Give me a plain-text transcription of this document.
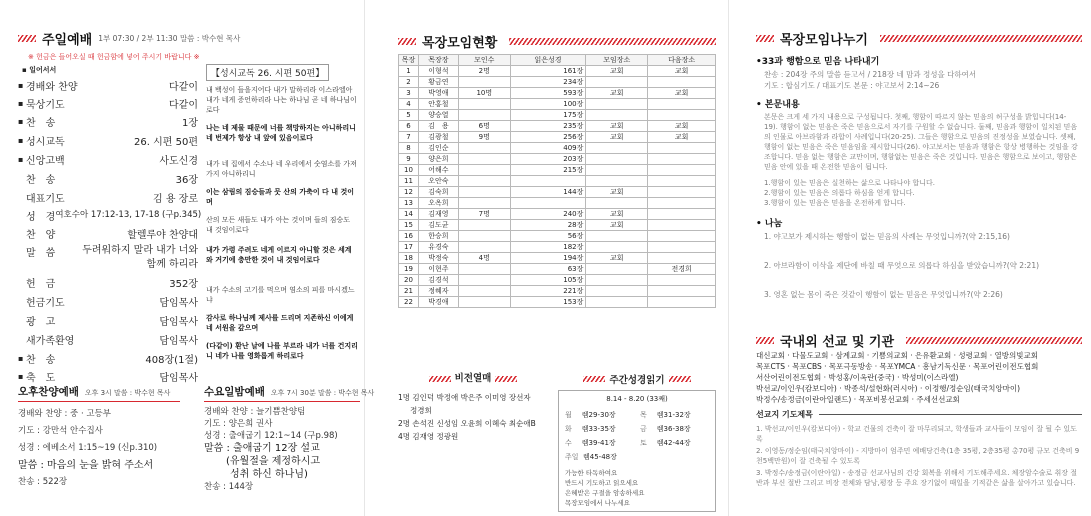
주일예배 1부 07:30 / 2부 11:30 말씀 : 박수현 목사
※ 헌금은 들어오실 때 헌금함에 넣어 주시기 바랍니다 ※
▪ 일어서서
▪ 경배와 찬양	다같이
▪ 묵상기도	다같이
▪ 찬　송	1장
▪ 성시교독	26. 시편 50편
▪ 신앙고백	사도신경
찬　송	36장
대표기도	김 용 장로
성　경 여호수아 17:12-13, 17-18 (구p.345)
찬　양	할렐루야 찬양대
말　씀	두려워하지 말라 내가 너와 함께 하리라
헌　금	352장
헌금기도	담임목사
광　고	담임목사
새가족환영	담임목사
▪ 찬　송	408장(1절)
▪ 축　도	담임목사
【성시교독 26. 시편 50편】
내 백성이 들을지어다 내가 말하리라 이스라엘아 내가 네게 증언하리라 나는 하나님 곧 네 하나님이로다
나는 네 제물 때문에 너를 책망하지는 아니하리니 네 번제가 항상 내 앞에 있음이로다
내가 네 집에서 수소나 네 우리에서 숫염소를 가져가지 아니하리니
이는 삼림의 짐승들과 뭇 산의 가축이 다 내 것이며
산의 모든 새들도 내가 아는 것이며 들의 짐승도 내 것임이로다
내가 가령 주려도 네게 이르지 아니할 것은 세계와 거기에 충만한 것이 내 것임이로다
내가 수소의 고기를 먹으며 염소의 피를 마시겠느냐
감사로 하나님께 제사를 드리며 지존하신 이에게 네 서원을 갚으며
(다같이) 환난 날에 나를 부르라 내가 너를 건지리니 네가 나를 영화롭게 하리로다
오후찬양예배 오후 3시 말씀 : 박수현 목사
경배와 찬양 : 중 · 고등부
기도 : 강만석 안수집사
성경 : 에베소서 1:15~19 (신p.310)
말씀 : 마음의 눈을 밝혀 주소서
찬송 : 522장
수요일밤예배 오후 7시 30분 말씀 : 박수현 목사
경배와 찬양 : 늘기쁨찬양팀
기도 : 양은희 권사
성경 : 출애굽기 12:1~14 (구p.98)
말씀 : 출애굽기 12장 설교
(유월절을 제정하시고
성취 하신 하나님)
찬송 : 144장
목장모임현황
목장	목장장	모인수	읽은성경	모임장소	다음장소
1	이형석	2명	161장	교회	교회
2	황금연		234장		
3	박영애	10명	593장	교회	교회
4	안홍철		100장		
5	양승열		175장		
6	김　용	6명	235장	교회	교회
7	김광철	9명	256장	교회	교회
8	김인순		409장		
9	양은희		203장		
10	어해수		215장		
11	오안숙				
12	김숙희		144장	교회	
13	오옥희				
14	김재영	7명	240장	교회	
15	김도균		28장	교회	
16	한승희		56장		
17	유경숙		182장		
18	박정숙	4명	194장	교회	
19	이현주		63장		전경희
20	김경석		105장		
21	정혜자		221장		
22	박경애		153장		
비전열매
1명 김인덕 박정애 박은주 이미영 장선자
정경희
2명 손석진 신성임 오윤희 이혜숙 최순애B
4명 김재영 정광원
주간성경읽기
8.14 - 8.20 (33째)
월	렘29-30장	목	렘31-32장
화	렘33-35장	금	렘36-38장
수	렘39-41장	토	렘42-44장
주일 렘45-48장
가능한 타독하여요
반드시 기도하고 읽으세요
은혜받은 구절을 암송하세요
목장모임에서 나누세요
목장모임나누기
•33과 행함으로 믿음 나타내기
찬송 : 204장 주의 말씀 듣고서 / 218장 네 맘과 정성을 다하여서
기도 : 합심기도 / 대표기도 본문 : 야고보서 2:14~26
• 본문내용
본문은 크게 세 가지 내용으로 구성됩니다. 첫째, 행함이 따르지 않는 믿음의 허구성을 밝힙니다(14-19). 행함이 없는 믿음은 죽은 믿음으로서 자기를 구원할 수 없습니다. 둘째, 믿음과 행함이 일치된 믿음의 인물로 아브라함과 라합이 사례입니다(20-25). 그들은 행함으로 믿음의 진정성을 보였습니다. 셋째, 행함이 없는 믿음은 죽은 믿음임을 제시합니다(26). 야고보서는 믿음과 행함은 항상 병행하는 것임을 강조합니다. 믿음 없는 행함은 교만이며, 행함없는 믿음은 죽은 것입니다. 믿음은 행함으로 보이고, 행함은 믿음 안에 있을 때 온전한 믿음이 됩니다.
1.행함이 있는 믿음은 실천하는 삶으로 나타나야 합니다.
2.행함이 있는 믿음은 의롭다 하심을 얻게 합니다.
3.행함이 있는 믿음은 믿음을 온전하게 합니다.
• 나눔
1. 야고보가 제시하는 행함이 없는 믿음의 사례는 무엇입니까?(약 2:15,16)
2. 아브라함이 이삭을 제단에 바칠 때 무엇으로 의롭다 하심을 받았습니까?(약 2:21)
3. 영혼 없는 몸이 죽은 것같이 행함이 없는 믿음은 무엇입니까?(약 2:26)
국내외 선교 및 기관
대신교회 · 다물도교회 · 삼계교회 · 기쁨의교회 · 은유환교회 · 성령교회 · 열방의빛교회
목포CTS · 목포CBS · 목포극동방송 · 목포YMCA · 흥남기독신문 · 목포어린이전도협회
서산어린이전도협회 · 박성홍/이옥란(중국) · 박성미(이스라엘)
박선교/이인우(캄보디아) · 박종석/설현화(러시아) · 이정행/정순임(태국치앙마이)
박정수/송정금(이란아일랜드) · 목포비봉선교회 · 주세선선교회
선교지 기도제목
1. 박선교/이인우(캄보디아) - 학교 건물의 건축이 잘 마무리되고, 학생들과 교사들이 모임이 잘 될 수 있도록
2. 이영동/정순임(태국치앙마이) - 지방마이 엄주민 예배당건축(1층 35평, 2층35평 총70평 규모 건축비 9천5백만원)이 잘 건축될 수 있도록
3. 박정수/송정금(이란아일) - 송정금 선교사님의 건강 회복을 위해서 기도해주세요. 체장암수술로 취장 절반과 부신 절반 그리고 비장 전체와 담낭,평장 등 주요 장기없이 때일을 기적같은 삶을 살아가고 있습니다.
